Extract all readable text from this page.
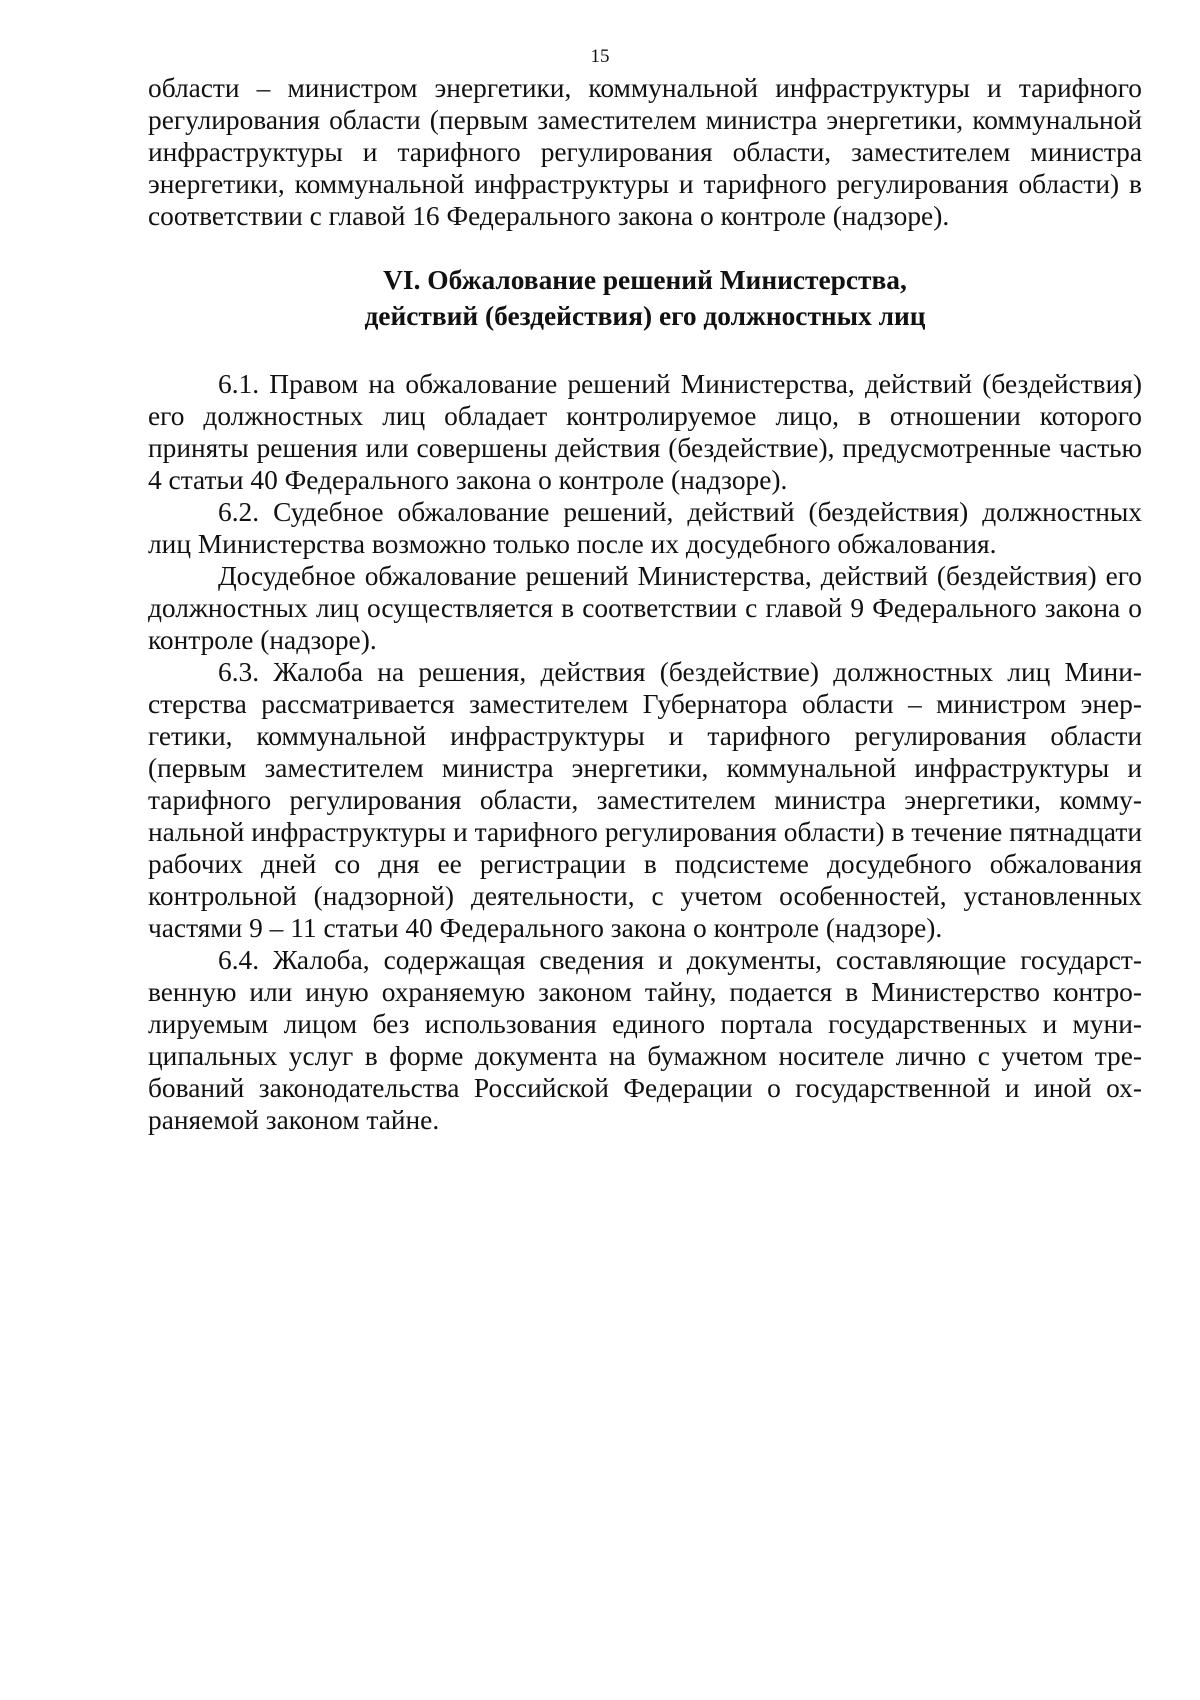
15

области – министром энергетики, коммунальной инфраструктуры и тарифного регулирования области (первым заместителем министра энергетики, коммунальной инфраструктуры и тарифного регулирования области, заместителем министра энергетики, коммунальной инфраструктуры и тарифного регулирования области) в соответствии с главой 16 Федерального закона о контроле (надзоре).

VI. Обжалование решений Министерства,
действий (бездействия) его должностных лиц

6.1. Правом на обжалование решений Министерства, действий (бездействия) его должностных лиц обладает контролируемое лицо, в отношении которого приняты решения или совершены действия (бездействие), предусмотренные частью 4 статьи 40 Федерального закона о контроле (надзоре).

6.2. Судебное обжалование решений, действий (бездействия) должностных лиц Министерства возможно только после их досудебного обжалования.

Досудебное обжалование решений Министерства, действий (бездействия) его должностных лиц осуществляется в соответствии с главой 9 Федерального закона о контроле (надзоре).

6.3. Жалоба на решения, действия (бездействие) должностных лиц Министерства рассматривается заместителем Губернатора области – министром энергетики, коммунальной инфраструктуры и тарифного регулирования области (первым заместителем министра энергетики, коммунальной инфраструктуры и тарифного регулирования области, заместителем министра энергетики, коммунальной инфраструктуры и тарифного регулирования области) в течение пятнадцати рабочих дней со дня ее регистрации в подсистеме досудебного обжалования контрольной (надзорной) деятельности, с учетом особенностей, установленных частями 9 – 11 статьи 40 Федерального закона о контроле (надзоре).

6.4. Жалоба, содержащая сведения и документы, составляющие государственную или иную охраняемую законом тайну, подается в Министерство контролируемым лицом без использования единого портала государственных и муниципальных услуг в форме документа на бумажном носителе лично с учетом требований законодательства Российской Федерации о государственной и иной охраняемой законом тайне.
